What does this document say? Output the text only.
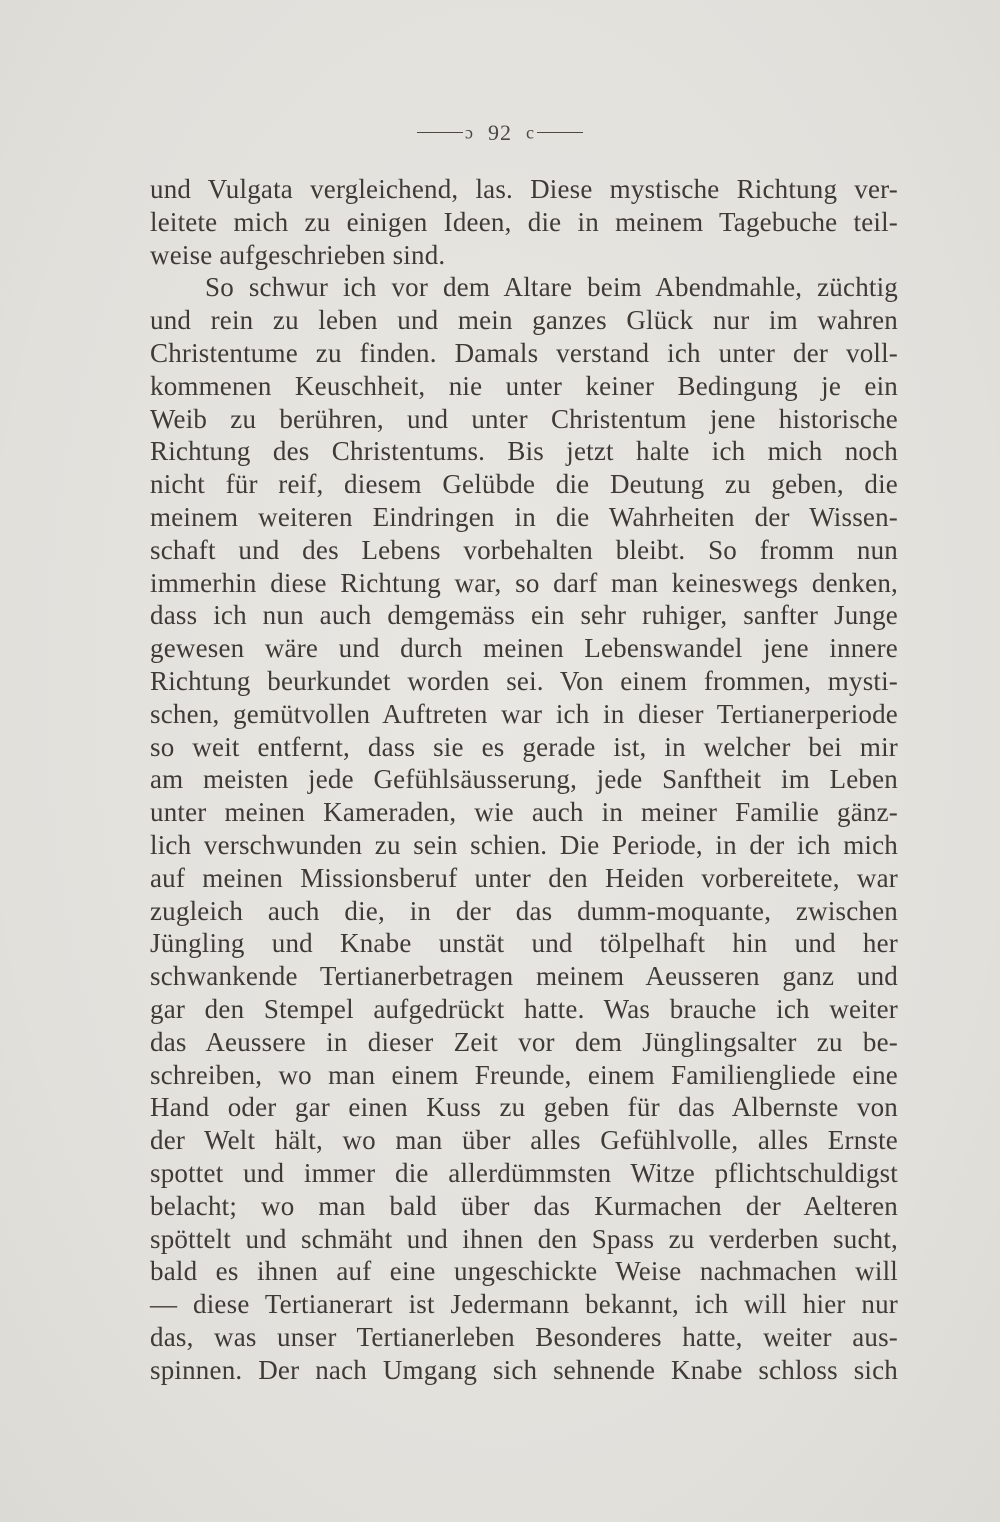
ɔ 92 c
und Vulgata vergleichend, las. Diese mystische Richtung ver-
leitete mich zu einigen Ideen, die in meinem Tagebuche teil-
weise aufgeschrieben sind.
So schwur ich vor dem Altare beim Abendmahle, züchtig
und rein zu leben und mein ganzes Glück nur im wahren
Christentume zu finden. Damals verstand ich unter der voll-
kommenen Keuschheit, nie unter keiner Bedingung je ein
Weib zu berühren, und unter Christentum jene historische
Richtung des Christentums. Bis jetzt halte ich mich noch
nicht für reif, diesem Gelübde die Deutung zu geben, die
meinem weiteren Eindringen in die Wahrheiten der Wissen-
schaft und des Lebens vorbehalten bleibt. So fromm nun
immerhin diese Richtung war, so darf man keineswegs denken,
dass ich nun auch demgemäss ein sehr ruhiger, sanfter Junge
gewesen wäre und durch meinen Lebenswandel jene innere
Richtung beurkundet worden sei. Von einem frommen, mysti-
schen, gemütvollen Auftreten war ich in dieser Tertianerperiode
so weit entfernt, dass sie es gerade ist, in welcher bei mir
am meisten jede Gefühlsäusserung, jede Sanftheit im Leben
unter meinen Kameraden, wie auch in meiner Familie gänz-
lich verschwunden zu sein schien. Die Periode, in der ich mich
auf meinen Missionsberuf unter den Heiden vorbereitete, war
zugleich auch die, in der das dumm-moquante, zwischen
Jüngling und Knabe unstät und tölpelhaft hin und her
schwankende Tertianerbetragen meinem Aeusseren ganz und
gar den Stempel aufgedrückt hatte. Was brauche ich weiter
das Aeussere in dieser Zeit vor dem Jünglingsalter zu be-
schreiben, wo man einem Freunde, einem Familiengliede eine
Hand oder gar einen Kuss zu geben für das Albernste von
der Welt hält, wo man über alles Gefühlvolle, alles Ernste
spottet und immer die allerdümmsten Witze pflichtschuldigst
belacht; wo man bald über das Kurmachen der Aelteren
spöttelt und schmäht und ihnen den Spass zu verderben sucht,
bald es ihnen auf eine ungeschickte Weise nachmachen will
— diese Tertianerart ist Jedermann bekannt, ich will hier nur
das, was unser Tertianerleben Besonderes hatte, weiter aus-
spinnen. Der nach Umgang sich sehnende Knabe schloss sich
